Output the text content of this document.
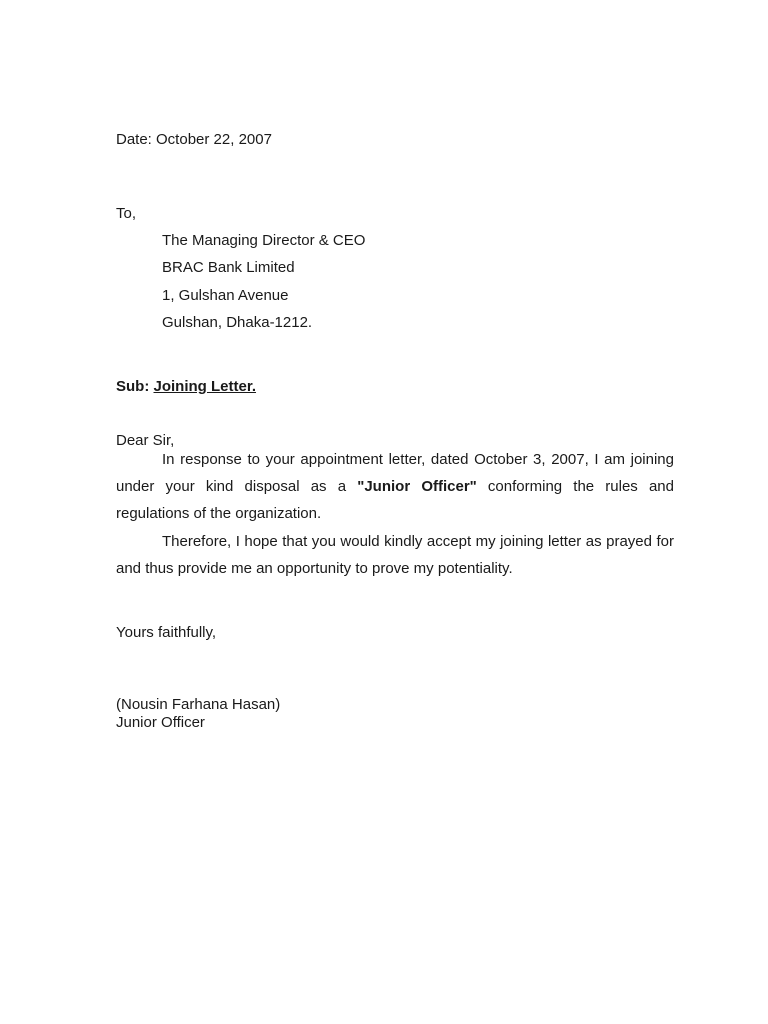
Date: October 22, 2007
To,
The Managing Director & CEO
BRAC Bank Limited
1, Gulshan Avenue
Gulshan, Dhaka-1212.
Sub: Joining Letter.
Dear Sir,
In response to your appointment letter, dated October 3, 2007, I am joining under your kind disposal as a "Junior Officer" conforming the rules and regulations of the organization.
Therefore, I hope that you would kindly accept my joining letter as prayed for and thus provide me an opportunity to prove my potentiality.
Yours faithfully,
(Nousin Farhana Hasan)
Junior Officer
